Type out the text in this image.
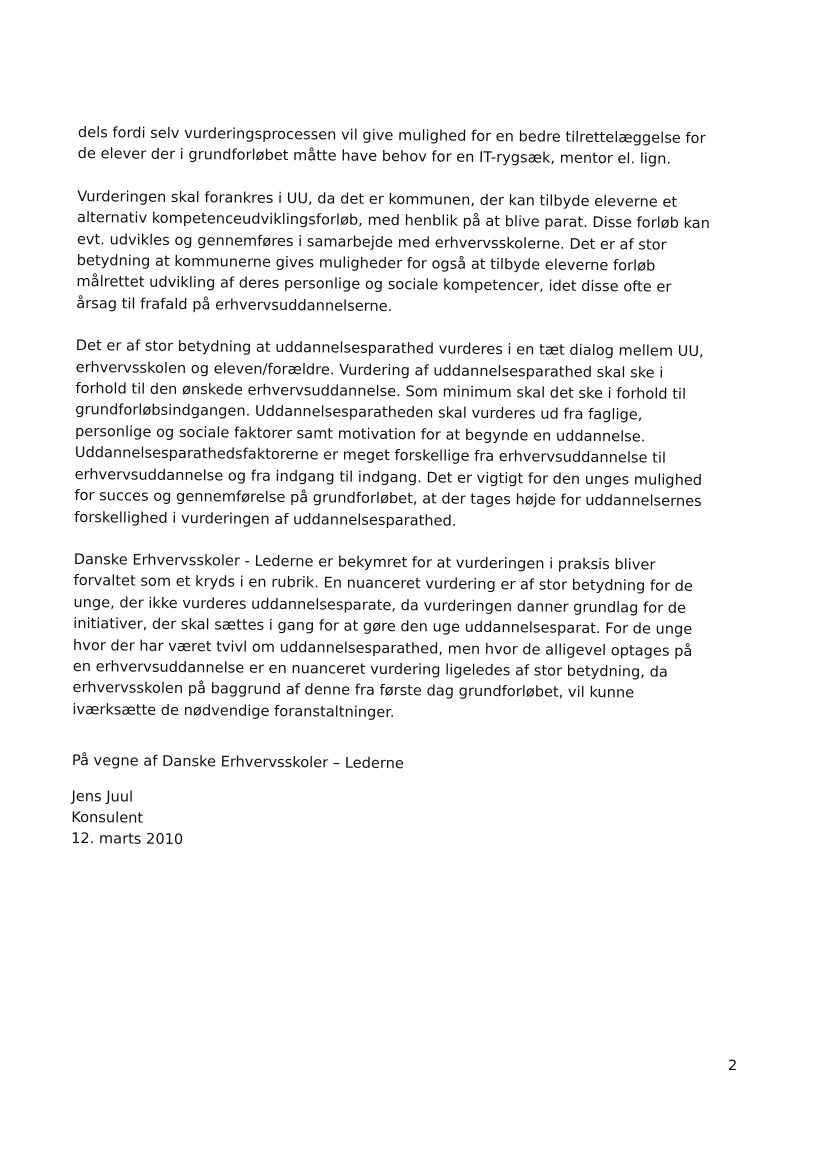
dels fordi selv vurderingsprocessen vil give mulighed for en bedre tilrettelæggelse for
de elever der i grundforløbet måtte have behov for en IT-rygsæk, mentor el. lign.
Vurderingen skal forankres i UU, da det er kommunen, der kan tilbyde eleverne et
alternativ kompetenceudviklingsforløb, med henblik på at blive parat. Disse forløb kan
evt. udvikles og gennemføres i samarbejde med erhvervsskolerne. Det er af stor
betydning at kommunerne gives muligheder for også at tilbyde eleverne forløb
målrettet udvikling af deres personlige og sociale kompetencer, idet disse ofte er
årsag til frafald på erhvervsuddannelserne.
Det er af stor betydning at uddannelsesparathed vurderes i en tæt dialog mellem UU,
erhvervsskolen og eleven/forældre. Vurdering af uddannelsesparathed skal ske i
forhold til den ønskede erhvervsuddannelse. Som minimum skal det ske i forhold til
grundforløbsindgangen. Uddannelsesparatheden skal vurderes ud fra faglige,
personlige og sociale faktorer samt motivation for at begynde en uddannelse.
Uddannelsesparathedsfaktorerne er meget forskellige fra erhvervsuddannelse til
erhvervsuddannelse og fra indgang til indgang. Det er vigtigt for den unges mulighed
for succes og gennemførelse på grundforløbet, at der tages højde for uddannelsernes
forskellighed i vurderingen af uddannelsesparathed.
Danske Erhvervsskoler - Lederne er bekymret for at vurderingen i praksis bliver
forvaltet som et kryds i en rubrik. En nuanceret vurdering er af stor betydning for de
unge, der ikke vurderes uddannelsesparate, da vurderingen danner grundlag for de
initiativer, der skal sættes i gang for at gøre den uge uddannelsesparat. For de unge
hvor der har været tvivl om uddannelsesparathed, men hvor de alligevel optages på
en erhvervsuddannelse er en nuanceret vurdering ligeledes af stor betydning, da
erhvervsskolen på baggrund af denne fra første dag grundforløbet, vil kunne
iværksætte de nødvendige foranstaltninger.
På vegne af Danske Erhvervsskoler – Lederne
Jens Juul
Konsulent
12. marts 2010
2
